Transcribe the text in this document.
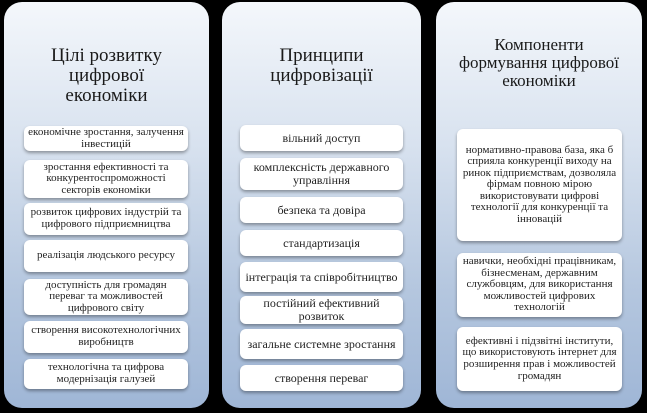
Цілі розвитку цифрової економіки
економічне зростання, залучення інвестицій
зростання ефективності та конкурентоспроможності секторів економіки
розвиток цифрових індустрій та цифрового підприємництва
реалізація людського ресурсу
доступність для громадян переваг та можливостей цифрового світу
створення високотехнологічних виробництв
технологічна та цифрова модернізація галузей
Принципи цифровізації
вільний доступ
комплексність державного управління
безпека та довіра
стандартизація
інтеграція та співробітництво
постійний ефективний розвиток
загальне системне зростання
створення переваг
Компоненти формування цифрової економіки
нормативно-правова база, яка б сприяла конкуренції виходу на ринок підприємствам, дозволяла фірмам повною мірою використовувати цифрові технології для конкуренції та інновацій
навички, необхідні працівникам, бізнесменам, державним службовцям, для використання можливостей цифрових технологій
ефективні і підзвітні інститути, що використовують інтернет для розширення прав і можливостей громадян
